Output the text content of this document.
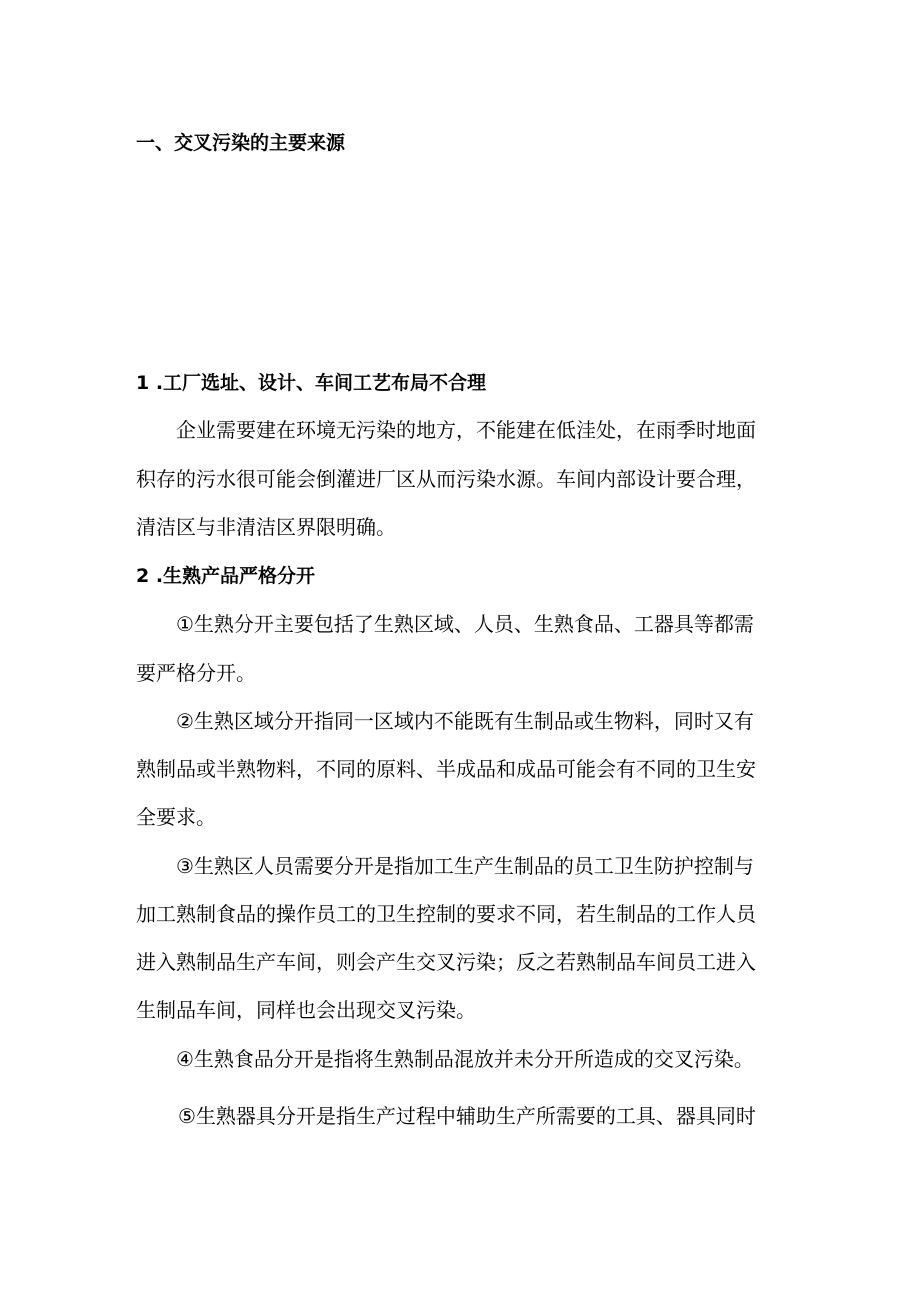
一、交叉污染的主要来源
1 .工厂选址、设计、车间工艺布局不合理
企业需要建在环境无污染的地方，不能建在低洼处，在雨季时地面
积存的污水很可能会倒灌进厂区从而污染水源。车间内部设计要合理，
清洁区与非清洁区界限明确。
2 .生熟产品严格分开
①生熟分开主要包括了生熟区域、人员、生熟食品、工器具等都需
要严格分开。
②生熟区域分开指同一区域内不能既有生制品或生物料，同时又有
熟制品或半熟物料，不同的原料、半成品和成品可能会有不同的卫生安
全要求。
③生熟区人员需要分开是指加工生产生制品的员工卫生防护控制与
加工熟制食品的操作员工的卫生控制的要求不同，若生制品的工作人员
进入熟制品生产车间，则会产生交叉污染；反之若熟制品车间员工进入
生制品车间，同样也会出现交叉污染。
④生熟食品分开是指将生熟制品混放并未分开所造成的交叉污染。
⑤生熟器具分开是指生产过程中辅助生产所需要的工具、器具同时
